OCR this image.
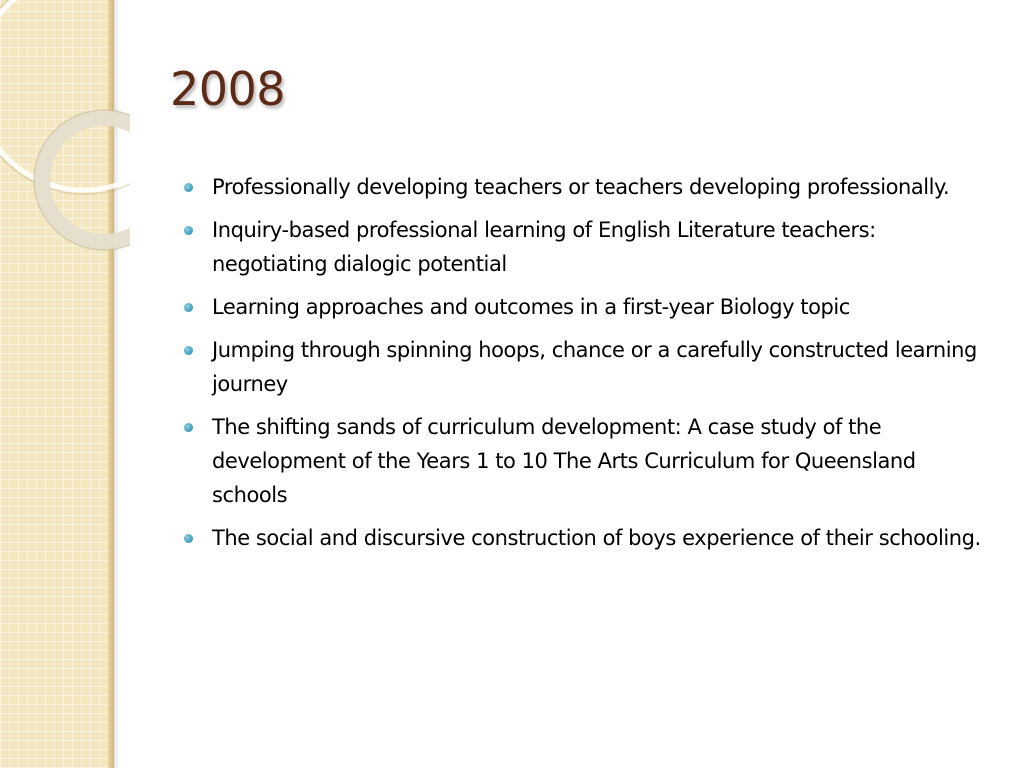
2008
Professionally developing teachers or teachers developing professionally.
Inquiry-based professional learning of English Literature teachers: negotiating dialogic potential
Learning approaches and outcomes in a first-year Biology topic
Jumping through spinning hoops, chance or a carefully constructed learning journey
The shifting sands of curriculum development: A case study of the development of the Years 1 to 10 The Arts Curriculum for Queensland schools
The social and discursive construction of boys experience of their schooling.
